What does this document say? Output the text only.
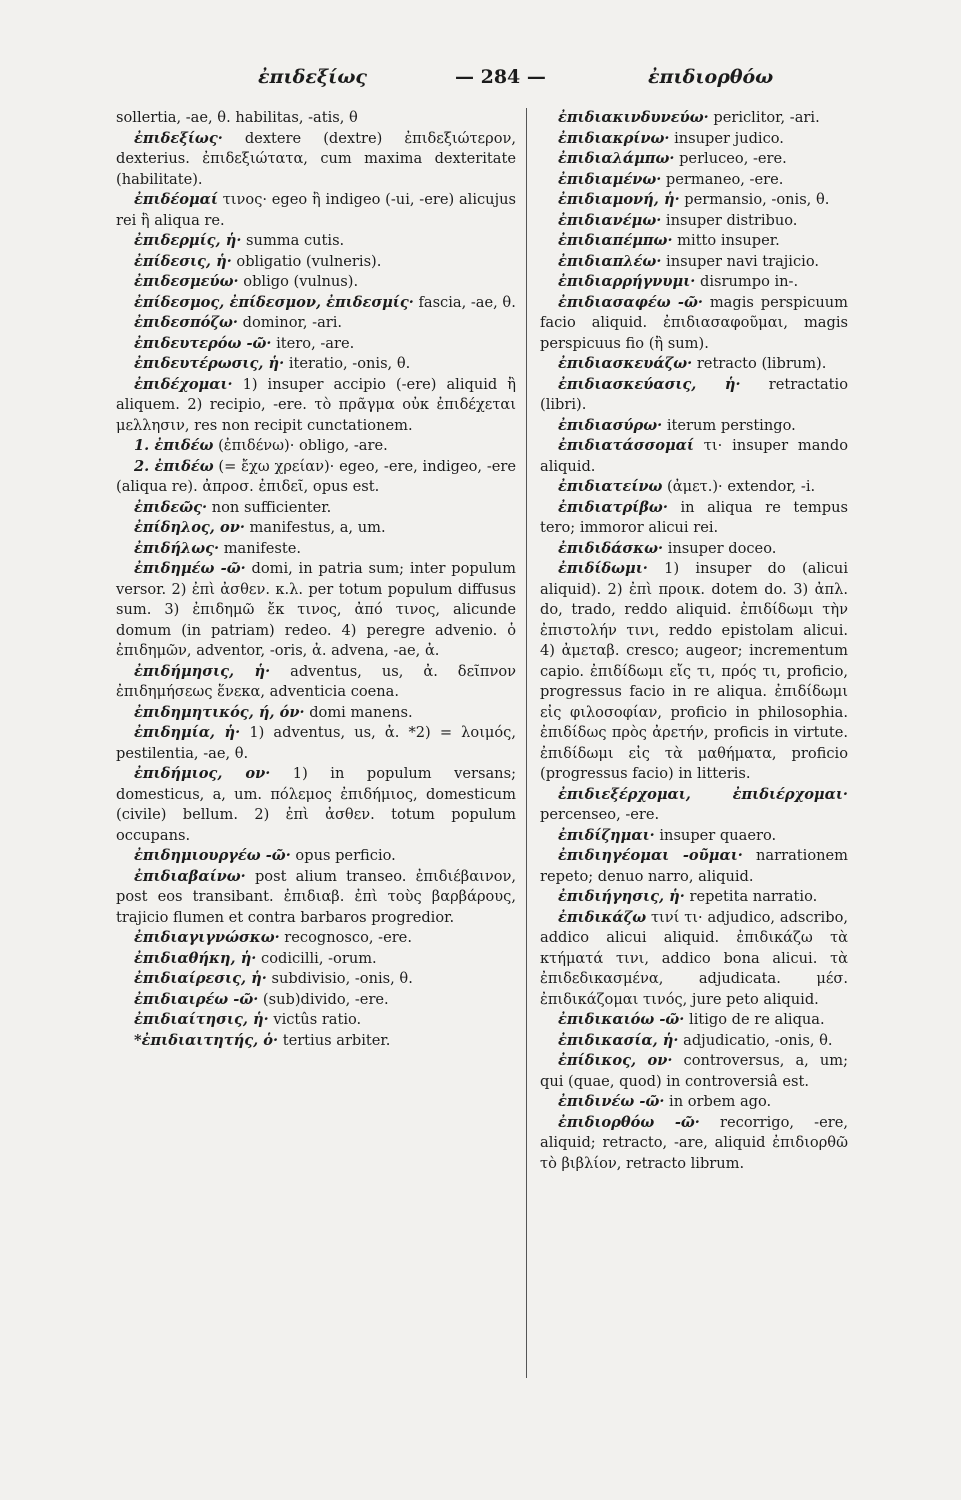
ἐπιδεξίως	— 284 —	ἐπιδιορθόω

sollertia, -ae, θ. habilitas, -atis, θ

ἐπιδεξίως· dextere (dextre) ἐπιδεξιώτερον, dexterius. ἐπιδεξιώτατα, cum maxima dexteritate (habilitate).

ἐπιδέομαί τινος· egeo ἢ indigeo (-ui, -ere) alicujus rei ἢ aliqua re.

ἐπιδερμίς, ἡ· summa cutis.

ἐπίδεσις, ἡ· obligatio (vulneris).

ἐπιδεσμεύω· obligo (vulnus).

ἐπίδεσμος, ἐπίδεσμον, ἐπιδεσμίς· fascia, -ae, θ.

ἐπιδεσπόζω· dominor, -ari.

ἐπιδευτερόω -ῶ· itero, -are.

ἐπιδευτέρωσις, ἡ· iteratio, -onis, θ.

ἐπιδέχομαι· 1) insuper accipio (-ere) aliquid ἢ aliquem. 2) recipio, -ere. τὸ πρᾶγμα οὐκ ἐπιδέχεται μελλησιν, res non recipit cunctationem.

1. ἐπιδέω (ἐπιδένω)· obligo, -are.

2. ἐπιδέω (= ἔχω χρείαν)· egeo, -ere, indigeo, -ere (aliqua re). ἀπροσ. ἐπιδεῖ, opus est.

ἐπιδεῶς· non sufficienter.

ἐπίδηλος, ον· manifestus, a, um.

ἐπιδήλως· manifeste.

ἐπιδημέω -ῶ· domi, in patria sum; inter populum versor. 2) ἐπὶ ἀσθεν. κ.λ. per totum populum diffusus sum. 3) ἐπιδημῶ ἔκ τινος, ἀπό τινος, alicunde domum (in patriam) redeo. 4) peregre advenio. ὁ ἐπιδημῶν, adventor, -oris, ἀ. advena, -ae, ἀ.

ἐπιδήμησις, ἡ· adventus, us, ἀ. δεῖπνον ἐπιδημήσεως ἕνεκα, adventicia coena.

ἐπιδημητικός, ή, όν· domi manens.

ἐπιδημία, ἡ· 1) adventus, us, ἀ. *2) = λοιμός, pestilentia, -ae, θ.

ἐπιδήμιος, ον· 1) in populum versans; domesticus, a, um. πόλεμος ἐπιδήμιος, domesticum (civile) bellum. 2) ἐπὶ ἀσθεν. totum populum occupans.

ἐπιδημιουργέω -ῶ· opus perficio.

ἐπιδιαβαίνω· post alium transeo. ἐπιδιέβαινον, post eos transibant. ἐπιδιαβ. ἐπὶ τοὺς βαρβάρους, trajicio flumen et contra barbaros progredior.

ἐπιδιαγιγνώσκω· recognosco, -ere.

ἐπιδιαθήκη, ἡ· codicilli, -orum.

ἐπιδιαίρεσις, ἡ· subdivisio, -onis, θ.

ἐπιδιαιρέω -ῶ· (sub)divido, -ere.

ἐπιδιαίτησις, ἡ· victûs ratio.

*ἐπιδιαιτητής, ὁ· tertius arbiter.

ἐπιδιακινδυνεύω· periclitor, -ari.

ἐπιδιακρίνω· insuper judico.

ἐπιδιαλάμπω· perluceo, -ere.

ἐπιδιαμένω· permaneo, -ere.

ἐπιδιαμονή, ἡ· permansio, -onis, θ.

ἐπιδιανέμω· insuper distribuo.

ἐπιδιαπέμπω· mitto insuper.

ἐπιδιαπλέω· insuper navi trajicio.

ἐπιδιαρρήγνυμι· disrumpo in-.

ἐπιδιασαφέω -ῶ· magis perspicuum facio aliquid. ἐπιδιασαφοῦμαι, magis perspicuus fio (ἢ sum).

ἐπιδιασκευάζω· retracto (librum).

ἐπιδιασκεύασις, ἡ· retractatio (libri).

ἐπιδιασύρω· iterum perstingo.

ἐπιδιατάσσομαί τι· insuper mando aliquid.

ἐπιδιατείνω (ἀμετ.)· extendor, -i.

ἐπιδιατρίβω· in aliqua re tempus tero; immoror alicui rei.

ἐπιδιδάσκω· insuper doceo.

ἐπιδίδωμι· 1) insuper do (alicui aliquid). 2) ἐπὶ προικ. dotem do. 3) ἀπλ. do, trado, reddo aliquid. ἐπιδίδωμι τὴν ἐπιστολήν τινι, reddo epistolam alicui. 4) ἀμεταβ. cresco; augeor; incrementum capio. ἐπιδίδωμι εἴς τι, πρός τι, proficio, progressus facio in re aliqua. ἐπιδίδωμι εἰς φιλοσοφίαν, proficio in philosophia. ἐπιδίδως πρὸς ἀρετήν, proficis in virtute. ἐπιδίδωμι εἰς τὰ μαθήματα, proficio (progressus facio) in litteris.

ἐπιδιεξέρχομαι, ἐπιδιέρχομαι· percenseo, -ere.

ἐπιδίζημαι· insuper quaero.

ἐπιδιηγέομαι -οῦμαι· narrationem repeto; denuo narro, aliquid.

ἐπιδιήγησις, ἡ· repetita narratio.

ἐπιδικάζω τινί τι· adjudico, adscribo, addico alicui aliquid. ἐπιδικάζω τὰ κτήματά τινι, addico bona alicui. τὰ ἐπιδεδικασμένα, adjudicata. μέσ. ἐπιδικάζομαι τινός, jure peto aliquid.

ἐπιδικαιόω -ῶ· litigo de re aliqua.

ἐπιδικασία, ἡ· adjudicatio, -onis, θ.

ἐπίδικος, ον· controversus, a, um; qui (quae, quod) in controversiâ est.

ἐπιδινέω -ῶ· in orbem ago.

ἐπιδιορθόω -ῶ· recorrigo, -ere, aliquid; retracto, -are, aliquid ἐπιδιορθῶ τὸ βιβλίον, retracto librum.
